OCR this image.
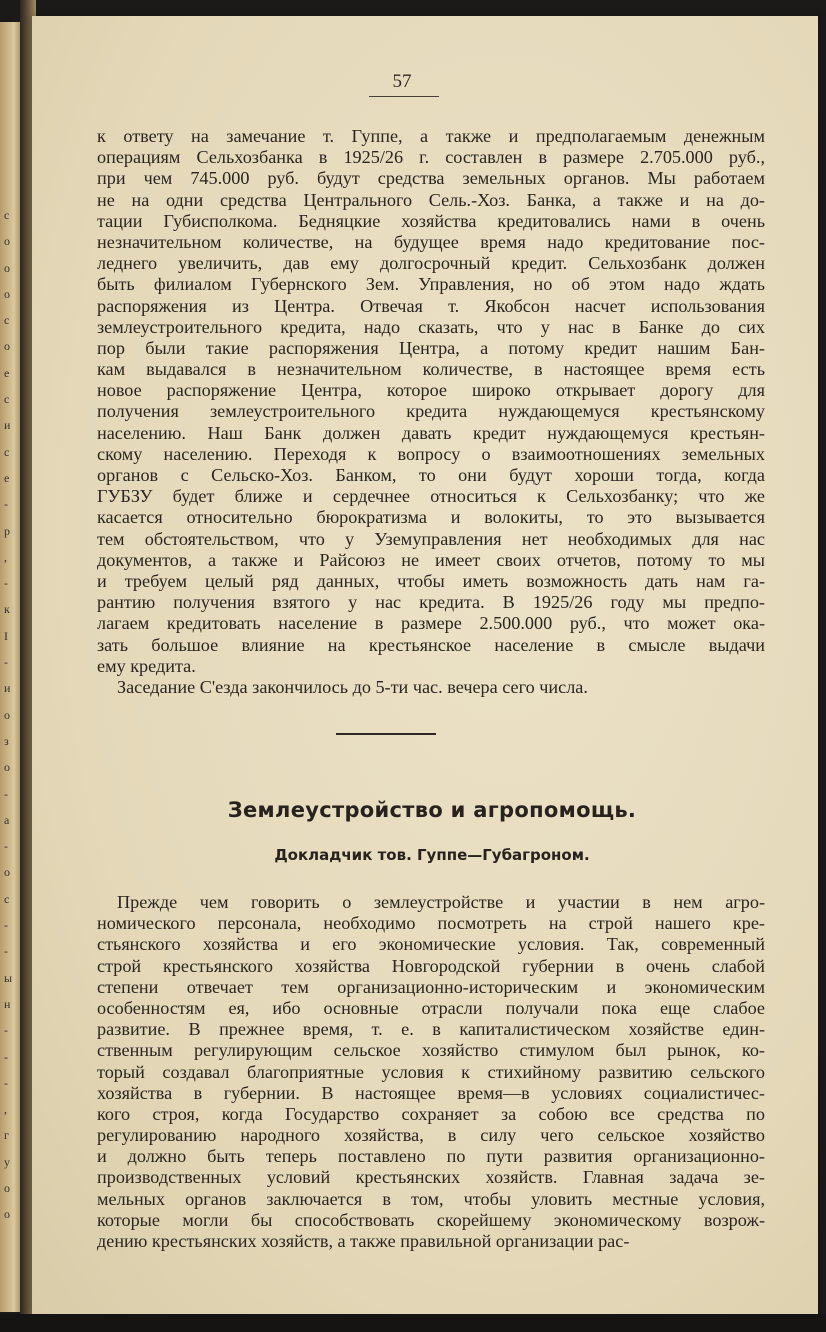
с
о
о
о
с
о
е
с
и
с
е
-
р
,
-
к
I
-
и
о
з
о
-
а
-
о
с
-
-
ы
н
-
-
-
,
г
у
о
о
57
к ответу на замечание т. Гуппе, а также и предполагаемым денежным
операциям Сельхозбанка в 1925/26 г. составлен в размере 2.705.000 руб.,
при чем 745.000 руб. будут средства земельных органов. Мы работаем
не на одни средства Центрального Сель.-Хоз. Банка, а также и на до-
тации Губисполкома. Бедняцкие хозяйства кредитовались нами в очень
незначительном количестве, на будущее время надо кредитование пос-
леднего увеличить, дав ему долгосрочный кредит. Сельхозбанк должен
быть филиалом Губернского Зем. Управления, но об этом надо ждать
распоряжения из Центра. Отвечая т. Якобсон насчет использования
землеустроительного кредита, надо сказать, что у нас в Банке до сих
пор были такие распоряжения Центра, а потому кредит нашим Бан-
кам выдавался в незначительном количестве, в настоящее время есть
новое распоряжение Центра, которое широко открывает дорогу для
получения землеустроительного кредита нуждающемуся крестьянскому
населению. Наш Банк должен давать кредит нуждающемуся крестьян-
скому населению. Переходя к вопросу о взаимоотношениях земельных
органов с Сельско-Хоз. Банком, то они будут хороши тогда, когда
ГУБЗУ будет ближе и сердечнее относиться к Сельхозбанку; что же
касается относительно бюрократизма и волокиты, то это вызывается
тем обстоятельством, что у Уземуправления нет необходимых для нас
документов, а также и Райсоюз не имеет своих отчетов, потому то мы
и требуем целый ряд данных, чтобы иметь возможность дать нам га-
рантию получения взятого у нас кредита. В 1925/26 году мы предпо-
лагаем кредитовать население в размере 2.500.000 руб., что может ока-
зать большое влияние на крестьянское население в смысле выдачи
ему кредита.
Заседание С'езда закончилось до 5-ти час. вечера сего числа.
Землеустройство и агропомощь.
Докладчик тов. Гуппе—Губагроном.
Прежде чем говорить о землеустройстве и участии в нем агро-
номического персонала, необходимо посмотреть на строй нашего кре-
стьянского хозяйства и его экономические условия. Так, современный
строй крестьянского хозяйства Новгородской губернии в очень слабой
степени отвечает тем организационно-историческим и экономическим
особенностям ея, ибо основные отрасли получали пока еще слабое
развитие. В прежнее время, т. е. в капиталистическом хозяйстве един-
ственным регулирующим сельское хозяйство стимулом был рынок, ко-
торый создавал благоприятные условия к стихийному развитию сельского
хозяйства в губернии. В настоящее время—в условиях социалистичес-
кого строя, когда Государство сохраняет за собою все средства по
регулированию народного хозяйства, в силу чего сельское хозяйство
и должно быть теперь поставлено по пути развития организационно-
производственных условий крестьянских хозяйств. Главная задача зе-
мельных органов заключается в том, чтобы уловить местные условия,
которые могли бы способствовать скорейшему экономическому возрож-
дению крестьянских хозяйств, а также правильной организации рас-
